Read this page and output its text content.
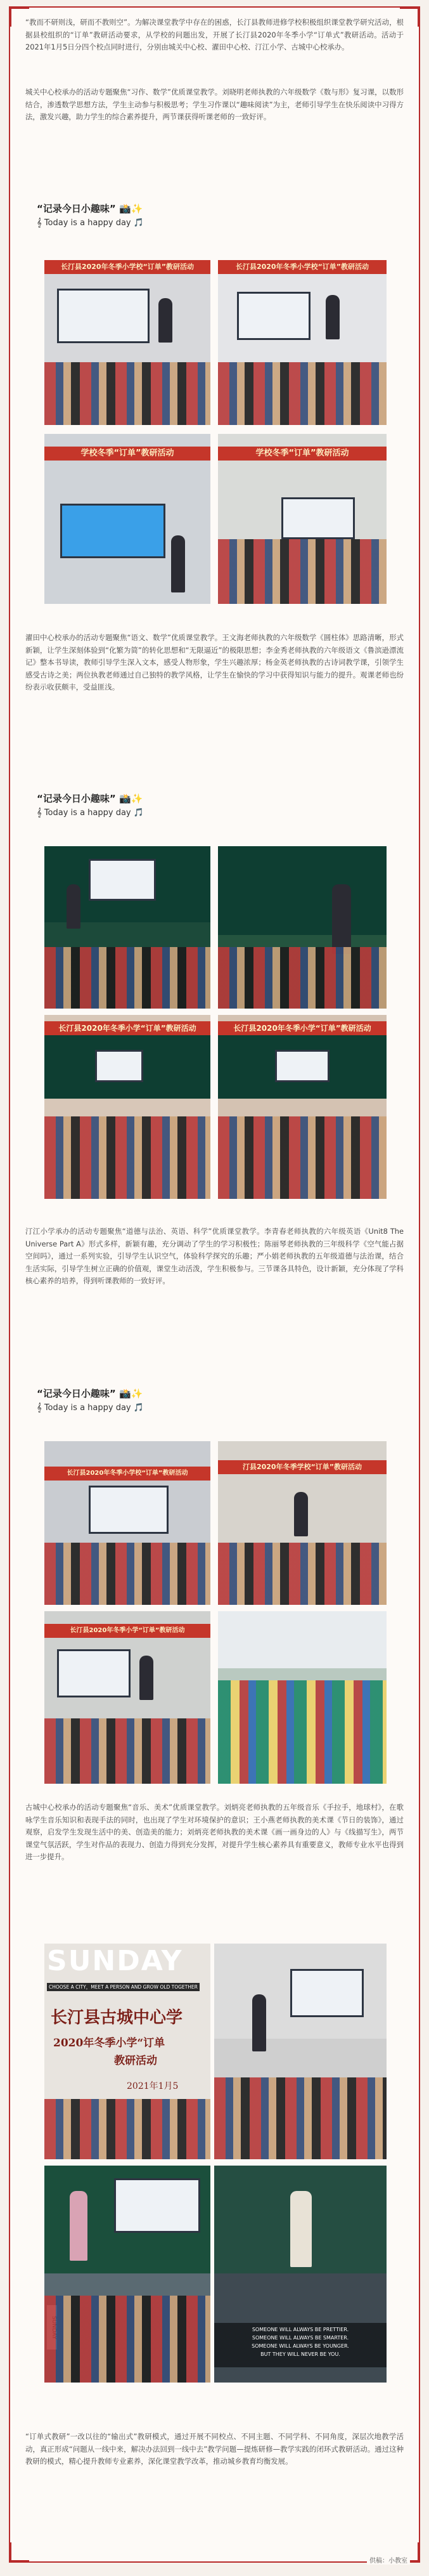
“教而不研则浅，研而不教则空”。为解决课堂教学中存在的困惑，长汀县教师进修学校积极组织课堂教学研究活动，根据县校组织的“订单”教研活动要求，从学校的问题出发，开展了长汀县2020年冬季小学“订单式”教研活动。活动于2021年1月5日分四个校点同时进行，分别由城关中心校、濯田中心校、汀江小学、古城中心校承办。

城关中心校承办的活动专题聚焦“习作、数学”优质课堂教学。刘晓明老师执教的六年级数学《数与形》复习课，以数形结合，渗透数学思想方法，学生主动参与积极思考；学生习作课以“趣味阅读”为主，老师引导学生在快乐阅读中习得方法，激发兴趣，助力学生的综合素养提升，两节课获得听课老师的一致好评。

“记录今日小趣味” 📸✨
𝄞 Today is a happy day 🎵
长汀县2020年冬季小学校“订单”教研活动	长汀县2020年冬季小学校“订单”教研活动
学校冬季“订单”教研活动	学校冬季“订单”教研活动

濯田中心校承办的活动专题聚焦“语文、数学”优质课堂教学。王文海老师执教的六年级数学《圆柱体》思路清晰，形式新颖，让学生深刻体验到“化繁为简”的转化思想和“无限逼近”的极限思想；李金秀老师执教的六年级语文《鲁滨逊漂流记》整本书导读，教师引导学生深入文本，感受人物形象，学生兴趣浓厚；杨金英老师执教的古诗词教学课，引领学生感受古诗之美；两位执教老师通过自己独特的教学风格，让学生在愉快的学习中获得知识与能力的提升。观课老师也纷纷表示收获颇丰，受益匪浅。

“记录今日小趣味” 📸✨
𝄞 Today is a happy day 🎵
长汀县2020年冬季小学“订单”教研活动	长汀县2020年冬季小学“订单”教研活动

汀江小学承办的活动专题聚焦“道德与法治、英语、科学”优质课堂教学。李青春老师执教的六年级英语《Unit8 The Universe Part A》形式多样，新颖有趣，充分调动了学生的学习积极性；陈丽琴老师执教的三年级科学《空气能占据空间吗》，通过一系列实验，引导学生认识空气，体验科学探究的乐趣；严小娟老师执教的五年级道德与法治课，结合生活实际，引导学生树立正确的价值观，课堂生动活泼，学生积极参与。三节课各具特色，设计新颖，充分体现了学科核心素养的培养，得到听课教师的一致好评。

“记录今日小趣味” 📸✨
𝄞 Today is a happy day 🎵
长汀县2020年冬季小学校“订单”教研活动
汀县2020年冬季学校“订单”教研活动
长汀县2020年冬季小学“订单”教研活动

古城中心校承办的活动专题聚焦“音乐、美术”优质课堂教学。刘炳亮老师执教的五年级音乐《手拉手，地球村》，在歌咏学生音乐知识和表现手法的同时，也出现了学生对环境保护的意识；王小燕老师执教的美术课《节日的装饰》，通过观察，启发学生发现生活中的美、创造美的能力；刘炳亮老师执教的美术课《画一画身边的人》与《线描写生》，两节课堂气氛活跃，学生对作品的表现力、创造力得到充分发挥，对提升学生核心素养具有重要意义，教师专业水平也得到进一步提升。

SUNDAY
CHOOSE A CITY，MEET A PERSON AND GROW OLD TOGETHER
长汀县古城中心学
2020年冬季小学“订单
教研活动
2021年1月5
SOMEONE WILL ALWAYS BE PRETTIER.
SOMEONE WILL ALWAYS BE SMARTER.
SOMEONE WILL ALWAYS BE YOUNGER.
BUT THEY WILL NEVER BE YOU.

“订单式教研”一改以往的“输出式”教研模式，通过开展不同校点、不同主题、不同学科、不同角度，深层次地教学活动，真正形成“问题从一线中来，解决办法回到一线中去”教学问题—提炼研修—教学实践的闭环式教研活动。通过这种教研的模式，精心提升教师专业素养，深化课堂教学改革，推动城乡教育均衡发展。

供稿：小教室
